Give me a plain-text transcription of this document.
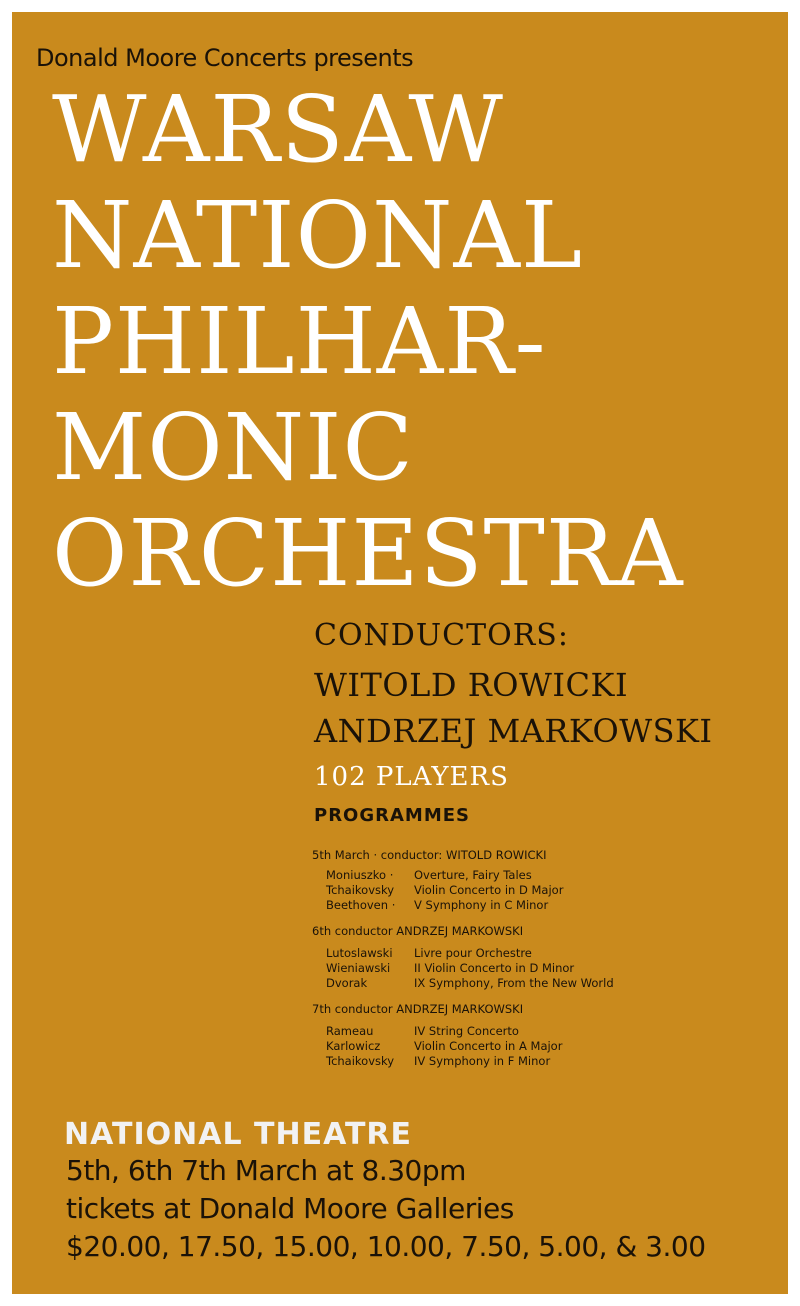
Donald Moore Concerts presents
WARSAW
NATIONAL
PHILHAR-
MONIC
ORCHESTRA
CONDUCTORS:
WITOLD ROWICKI
ANDRZEJ MARKOWSKI
102 PLAYERS
PROGRAMMES
5th March · conductor: WITOLD ROWICKI
Moniuszko · Overture, Fairy Tales
Tchaikovsky Violin Concerto in D Major
Beethoven · V Symphony in C Minor
6th conductor ANDRZEJ MARKOWSKI
Lutoslawski Livre pour Orchestre
Wieniawski II Violin Concerto in D Minor
Dvorak	IX Symphony, From the New World
7th conductor ANDRZEJ MARKOWSKI
Rameau	IV String Concerto
Karlowicz	Violin Concerto in A Major
Tchaikovsky IV Symphony in F Minor
NATIONAL THEATRE
5th, 6th 7th March at 8.30pm
tickets at Donald Moore Galleries
$20.00, 17.50, 15.00, 10.00, 7.50, 5.00, & 3.00
